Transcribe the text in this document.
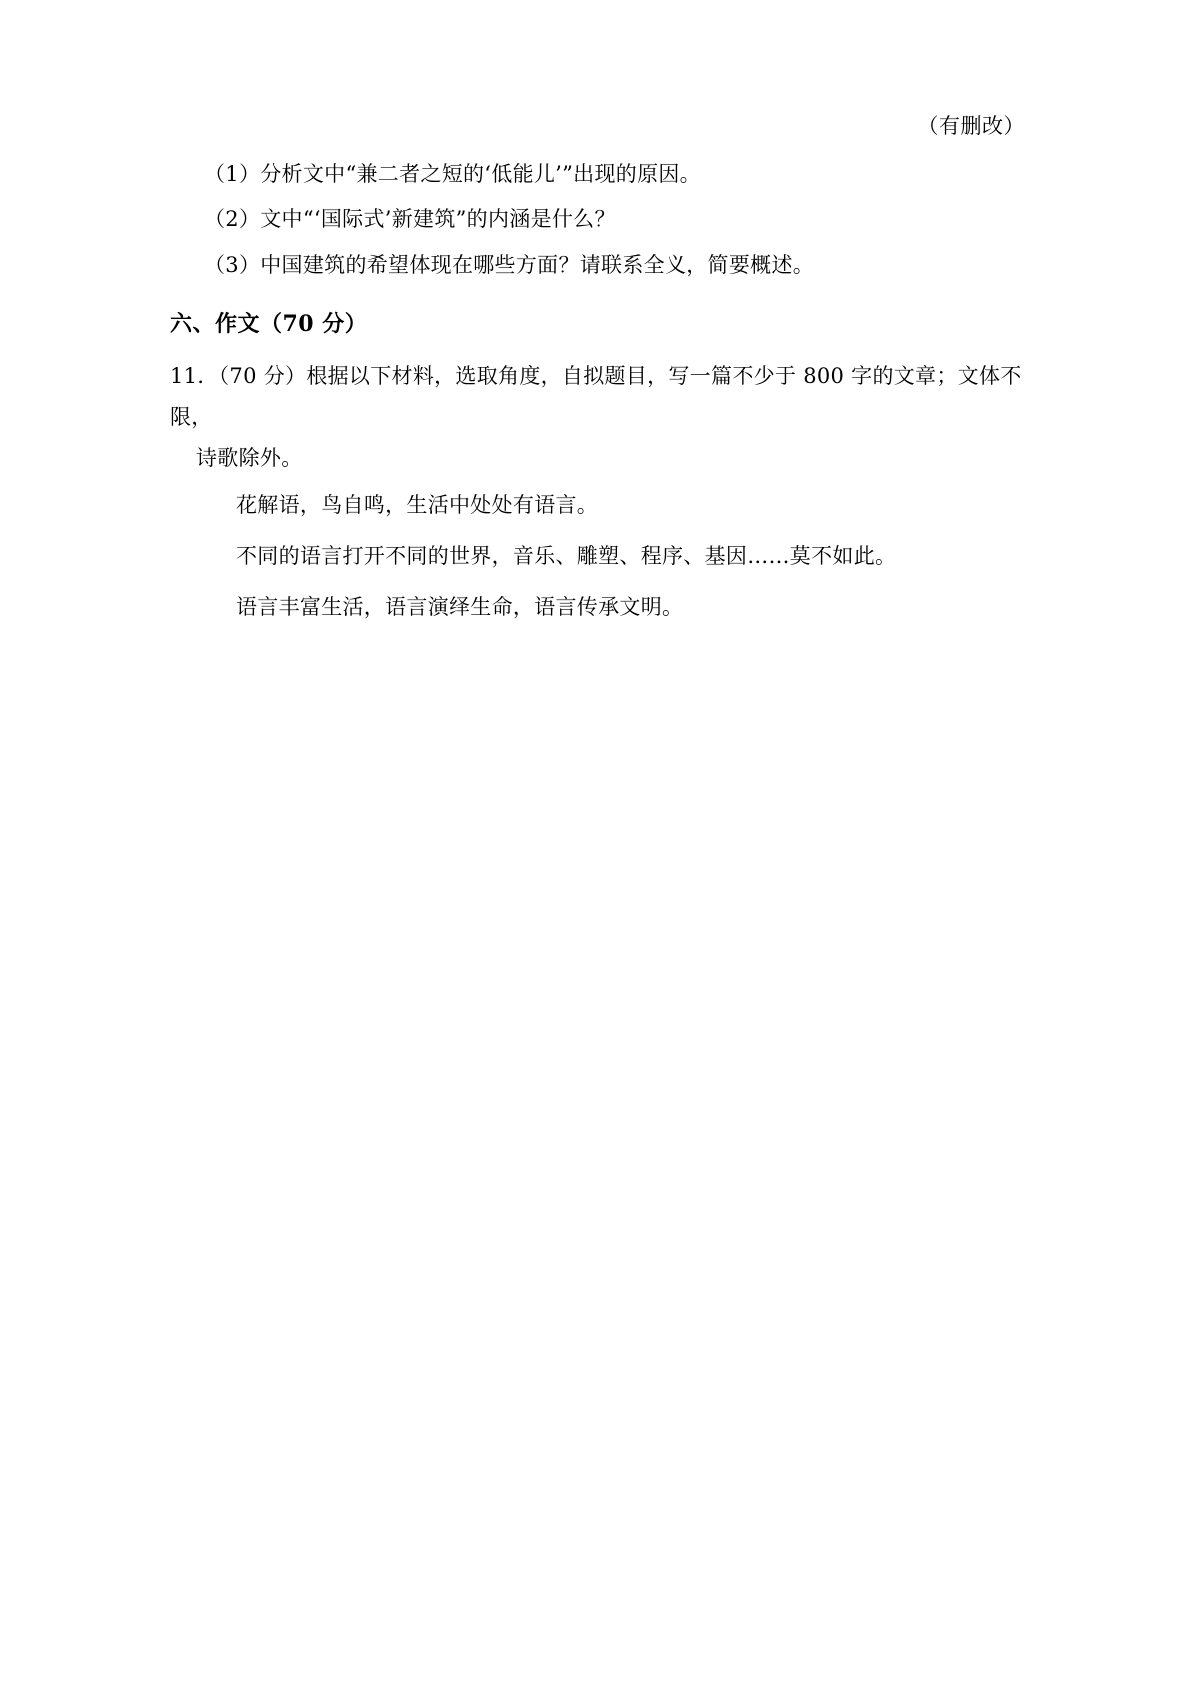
（有删改）

（1）分析文中“兼二者之短的‘低能儿’”出现的原因。

（2）文中“‘国际式’新建筑”的内涵是什么？

（3）中国建筑的希望体现在哪些方面？请联系全义，简要概述。

六、作文（70 分）

11．（70 分）根据以下材料，选取角度，自拟题目，写一篇不少于 800 字的文章；文体不限，
诗歌除外。

花解语，鸟自鸣，生活中处处有语言。

不同的语言打开不同的世界，音乐、雕塑、程序、基因……莫不如此。

语言丰富生活，语言演绎生命，语言传承文明。
